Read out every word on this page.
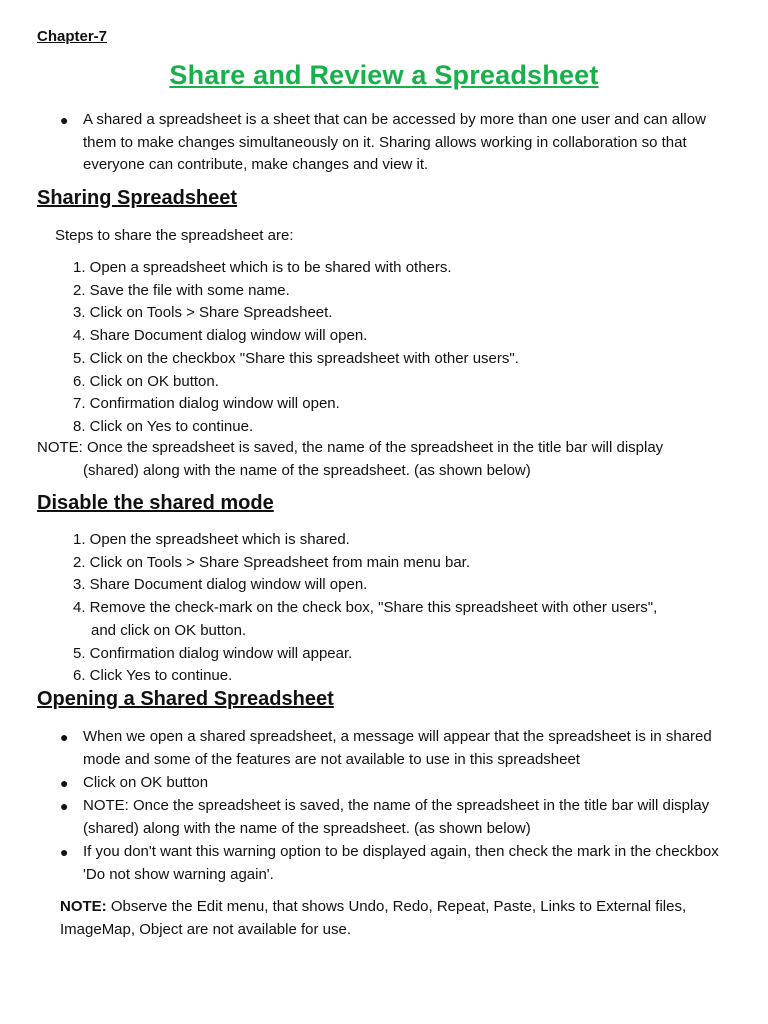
Chapter-7
Share and Review a Spreadsheet
● A shared a spreadsheet is a sheet that can be accessed by more than one user and can allow them to make changes simultaneously on it. Sharing allows working in collaboration so that everyone can contribute, make changes and view it.
Sharing Spreadsheet
Steps to share the spreadsheet are:
1. Open a spreadsheet which is to be shared with others.
2. Save the file with some name.
3. Click on Tools > Share Spreadsheet.
4. Share Document dialog window will open.
5. Click on the checkbox "Share this spreadsheet with other users".
6. Click on OK button.
7. Confirmation dialog window will open.
8. Click on Yes to continue.
NOTE: Once the spreadsheet is saved, the name of the spreadsheet in the title bar will display
(shared) along with the name of the spreadsheet. (as shown below)
Disable the shared mode
1. Open the spreadsheet which is shared.
2. Click on Tools > Share Spreadsheet from main menu bar.
3. Share Document dialog window will open.
4. Remove the check-mark on the check box, "Share this spreadsheet with other users",
and click on OK button.
5. Confirmation dialog window will appear.
6. Click Yes to continue.
Opening a Shared Spreadsheet
● When we open a shared spreadsheet, a message will appear that the spreadsheet is in shared mode and some of the features are not available to use in this spreadsheet
● Click on OK button
● NOTE: Once the spreadsheet is saved, the name of the spreadsheet in the title bar will display (shared) along with the name of the spreadsheet. (as shown below)
● If you don't want this warning option to be displayed again, then check the mark in the checkbox 'Do not show warning again'.
NOTE: Observe the Edit menu, that shows Undo, Redo, Repeat, Paste, Links to External files, ImageMap, Object are not available for use.
